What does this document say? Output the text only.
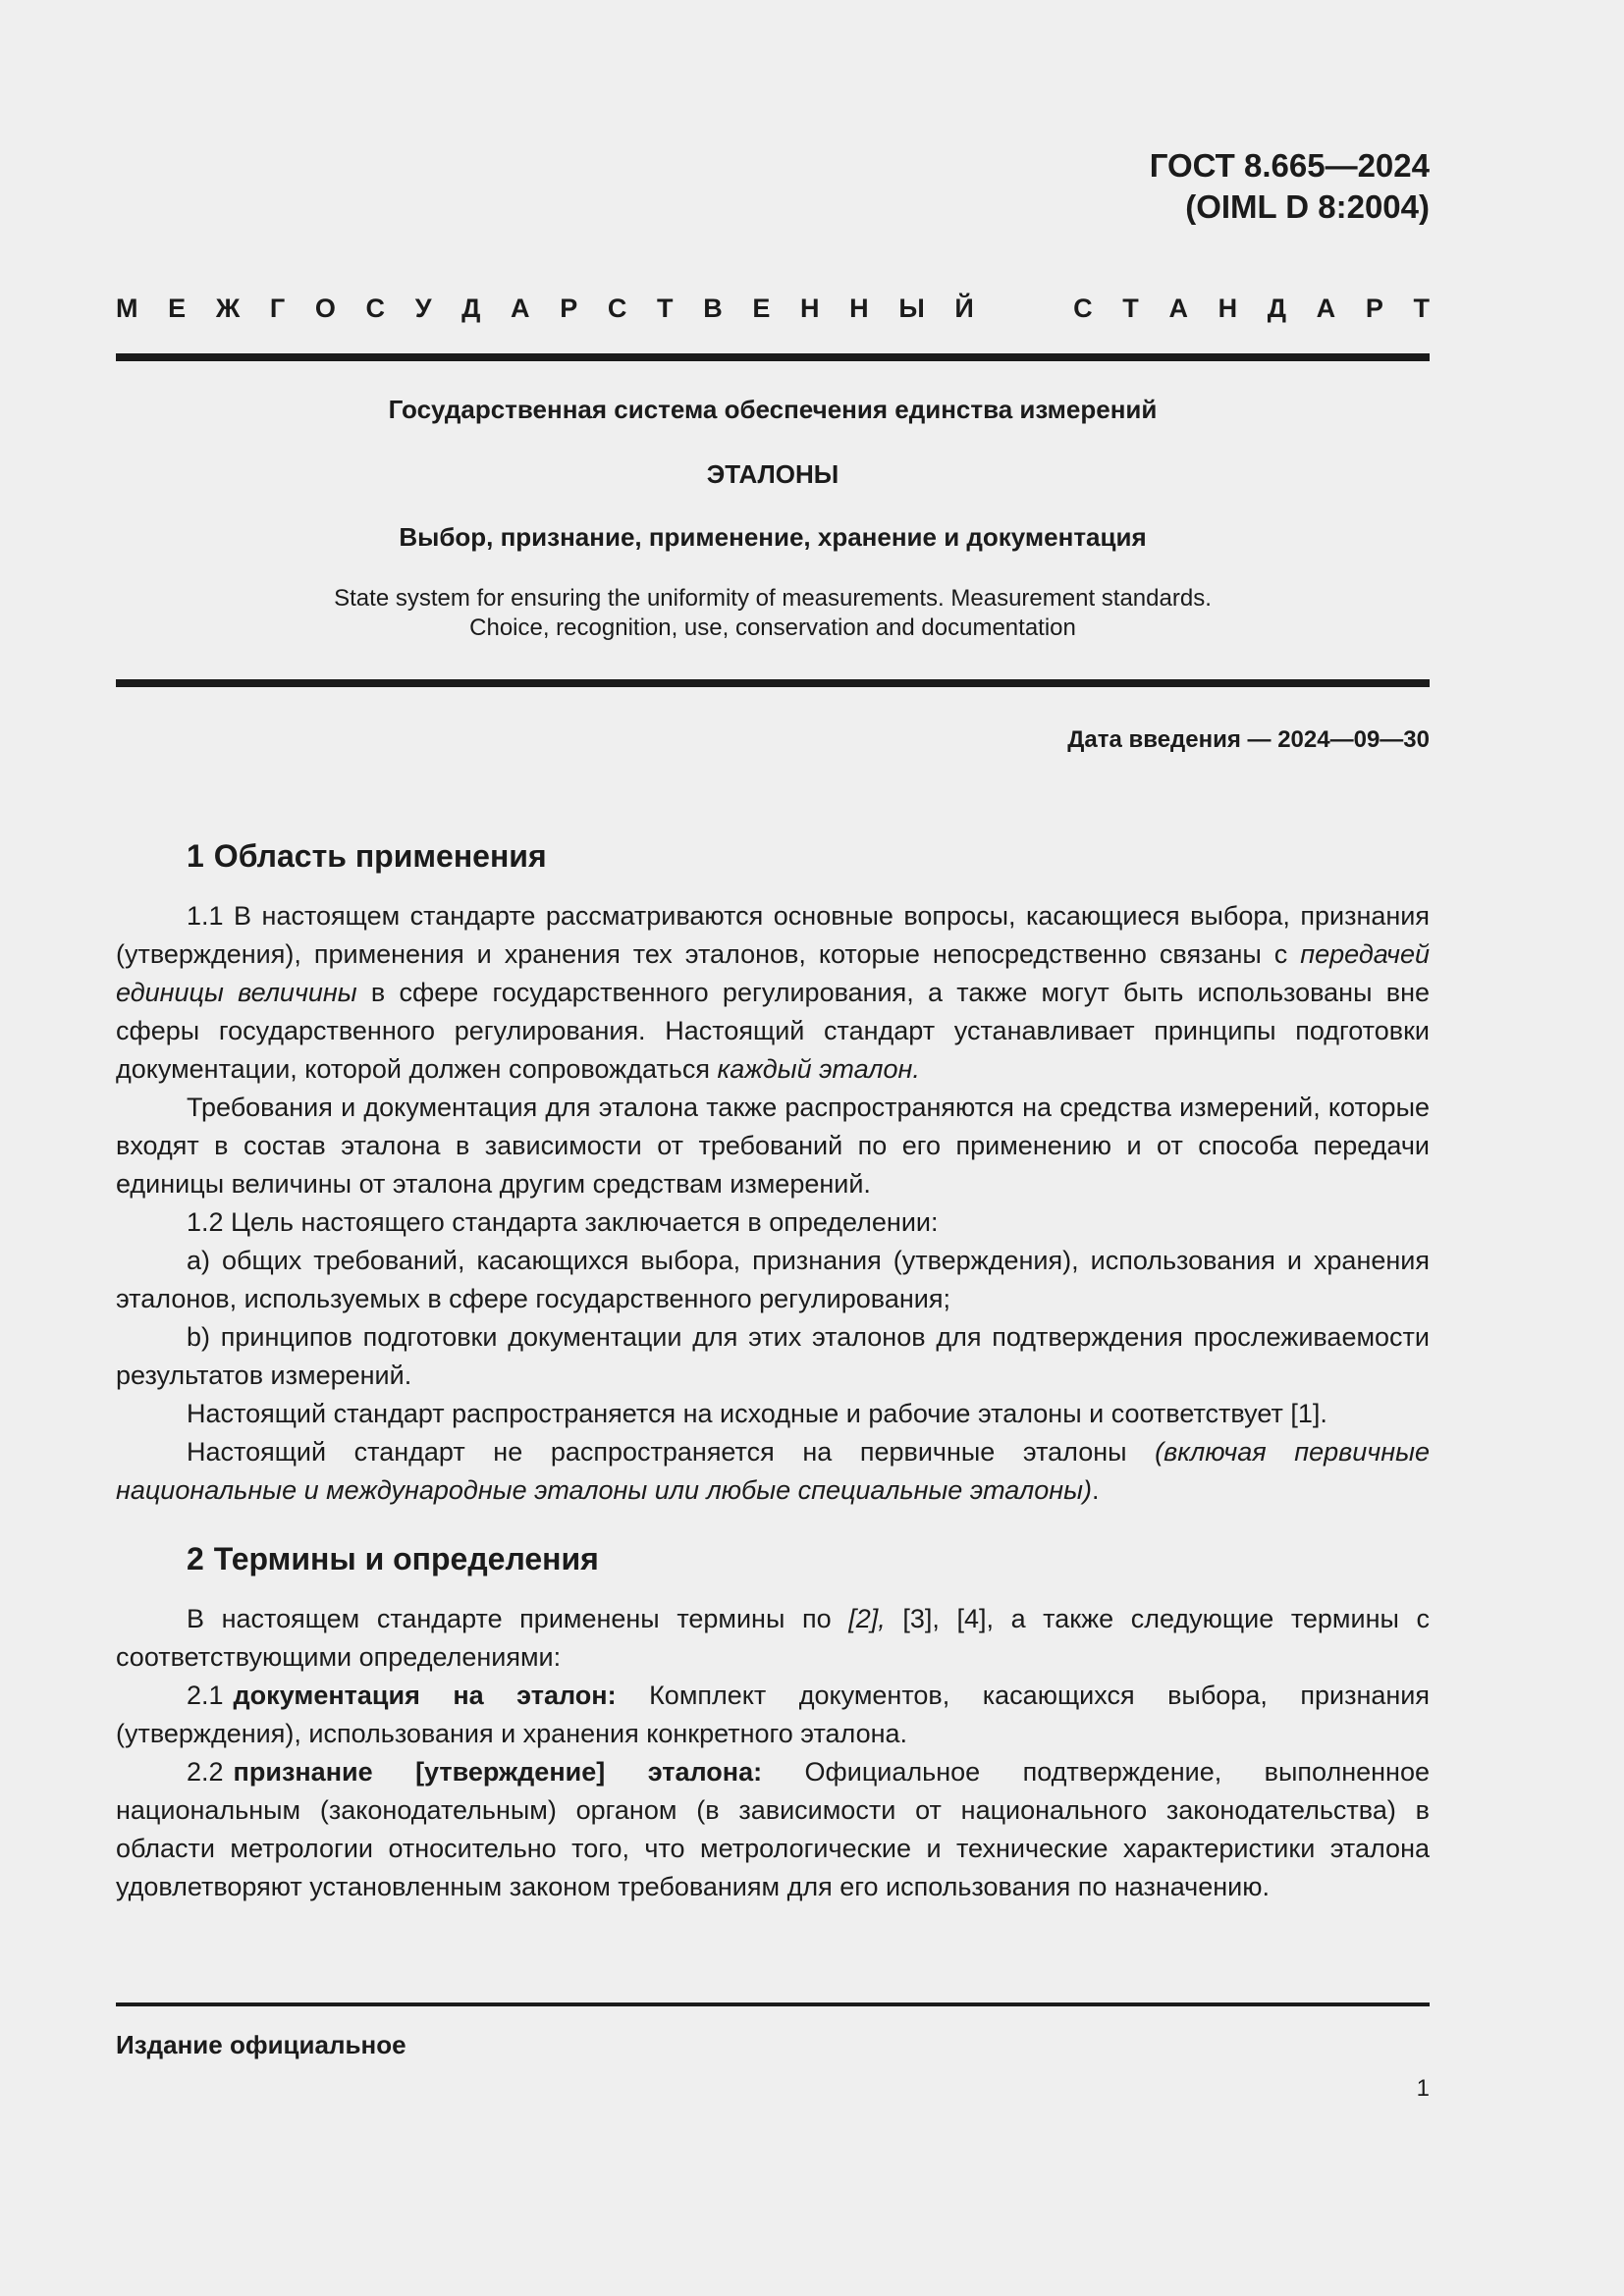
ГОСТ 8.665—2024
(OIML D 8:2004)
М Е Ж Г О С У Д А Р С Т В Е Н Н Ы Й	С Т А Н Д А Р Т
Государственная система обеспечения единства измерений
ЭТАЛОНЫ
Выбор, признание, применение, хранение и документация
State system for ensuring the uniformity of measurements. Measurement standards.
Choice, recognition, use, conservation and documentation
Дата введения — 2024—09—30
1 Область применения

1.1 В настоящем стандарте рассматриваются основные вопросы, касающиеся выбора, признания (утверждения), применения и хранения тех эталонов, которые непосредственно связаны с передачей единицы величины в сфере государственного регулирования, а также могут быть использованы вне сферы государственного регулирования. Настоящий стандарт устанавливает принципы подготовки документации, которой должен сопровождаться каждый эталон.

Требования и документация для эталона также распространяются на средства измерений, которые входят в состав эталона в зависимости от требований по его применению и от способа передачи единицы величины от эталона другим средствам измерений.

1.2 Цель настоящего стандарта заключается в определении:

а) общих требований, касающихся выбора, признания (утверждения), использования и хранения эталонов, используемых в сфере государственного регулирования;

b) принципов подготовки документации для этих эталонов для подтверждения прослеживаемости результатов измерений.

Настоящий стандарт распространяется на исходные и рабочие эталоны и соответствует [1].

Настоящий стандарт не распространяется на первичные эталоны (включая первичные национальные и международные эталоны или любые специальные эталоны).

2 Термины и определения

В настоящем стандарте применены термины по [2], [3], [4], а также следующие термины с соответствующими определениями:

2.1 документация на эталон: Комплект документов, касающихся выбора, признания (утверждения), использования и хранения конкретного эталона.

2.2 признание [утверждение] эталона: Официальное подтверждение, выполненное национальным (законодательным) органом (в зависимости от национального законодательства) в области метрологии относительно того, что метрологические и технические характеристики эталона удовлетворяют установленным законом требованиям для его использования по назначению.

Издание официальное
1
